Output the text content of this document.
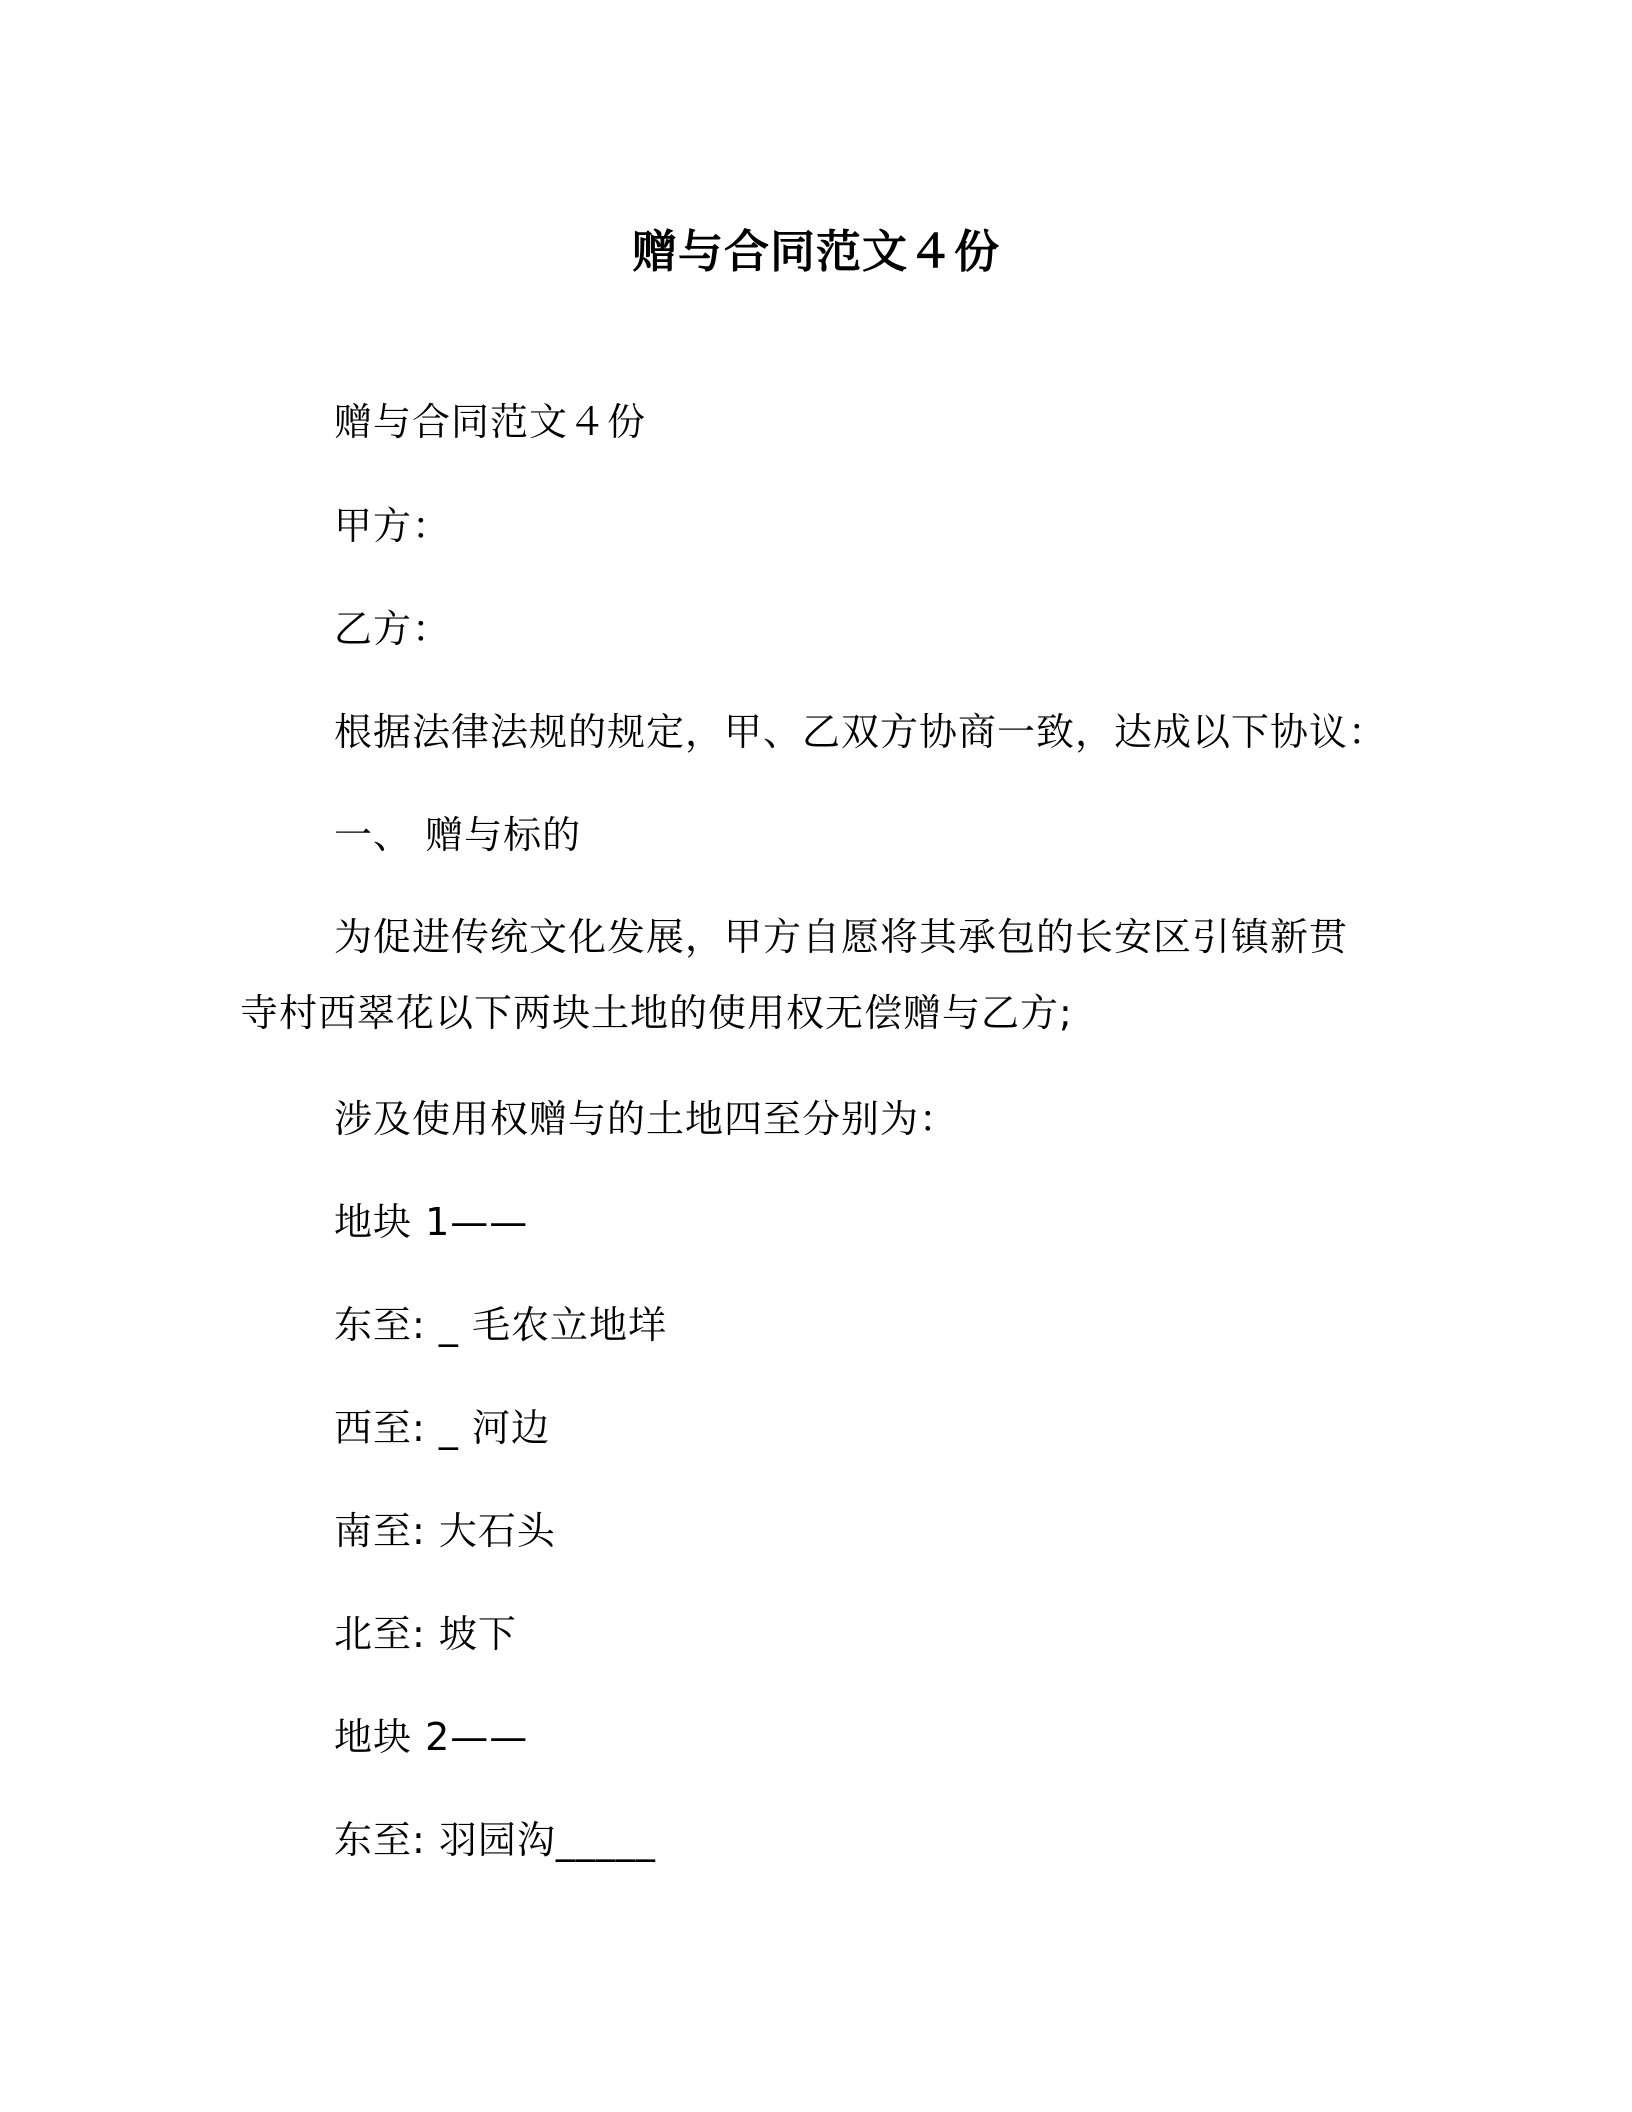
赠与合同范文４份
赠与合同范文４份
甲方：
乙方：
根据法律法规的规定，甲、乙双方协商一致，达成以下协议：
一、 赠与标的
为促进传统文化发展，甲方自愿将其承包的长安区引镇新贯寺村西翠花以下两块土地的使用权无偿赠与乙方;
涉及使用权赠与的土地四至分别为：
地块 1——
东至: _ 毛农立地垟
西至: _ 河边
南至: 大石头
北至: 坡下
地块 2——
东至: 羽园沟_____
